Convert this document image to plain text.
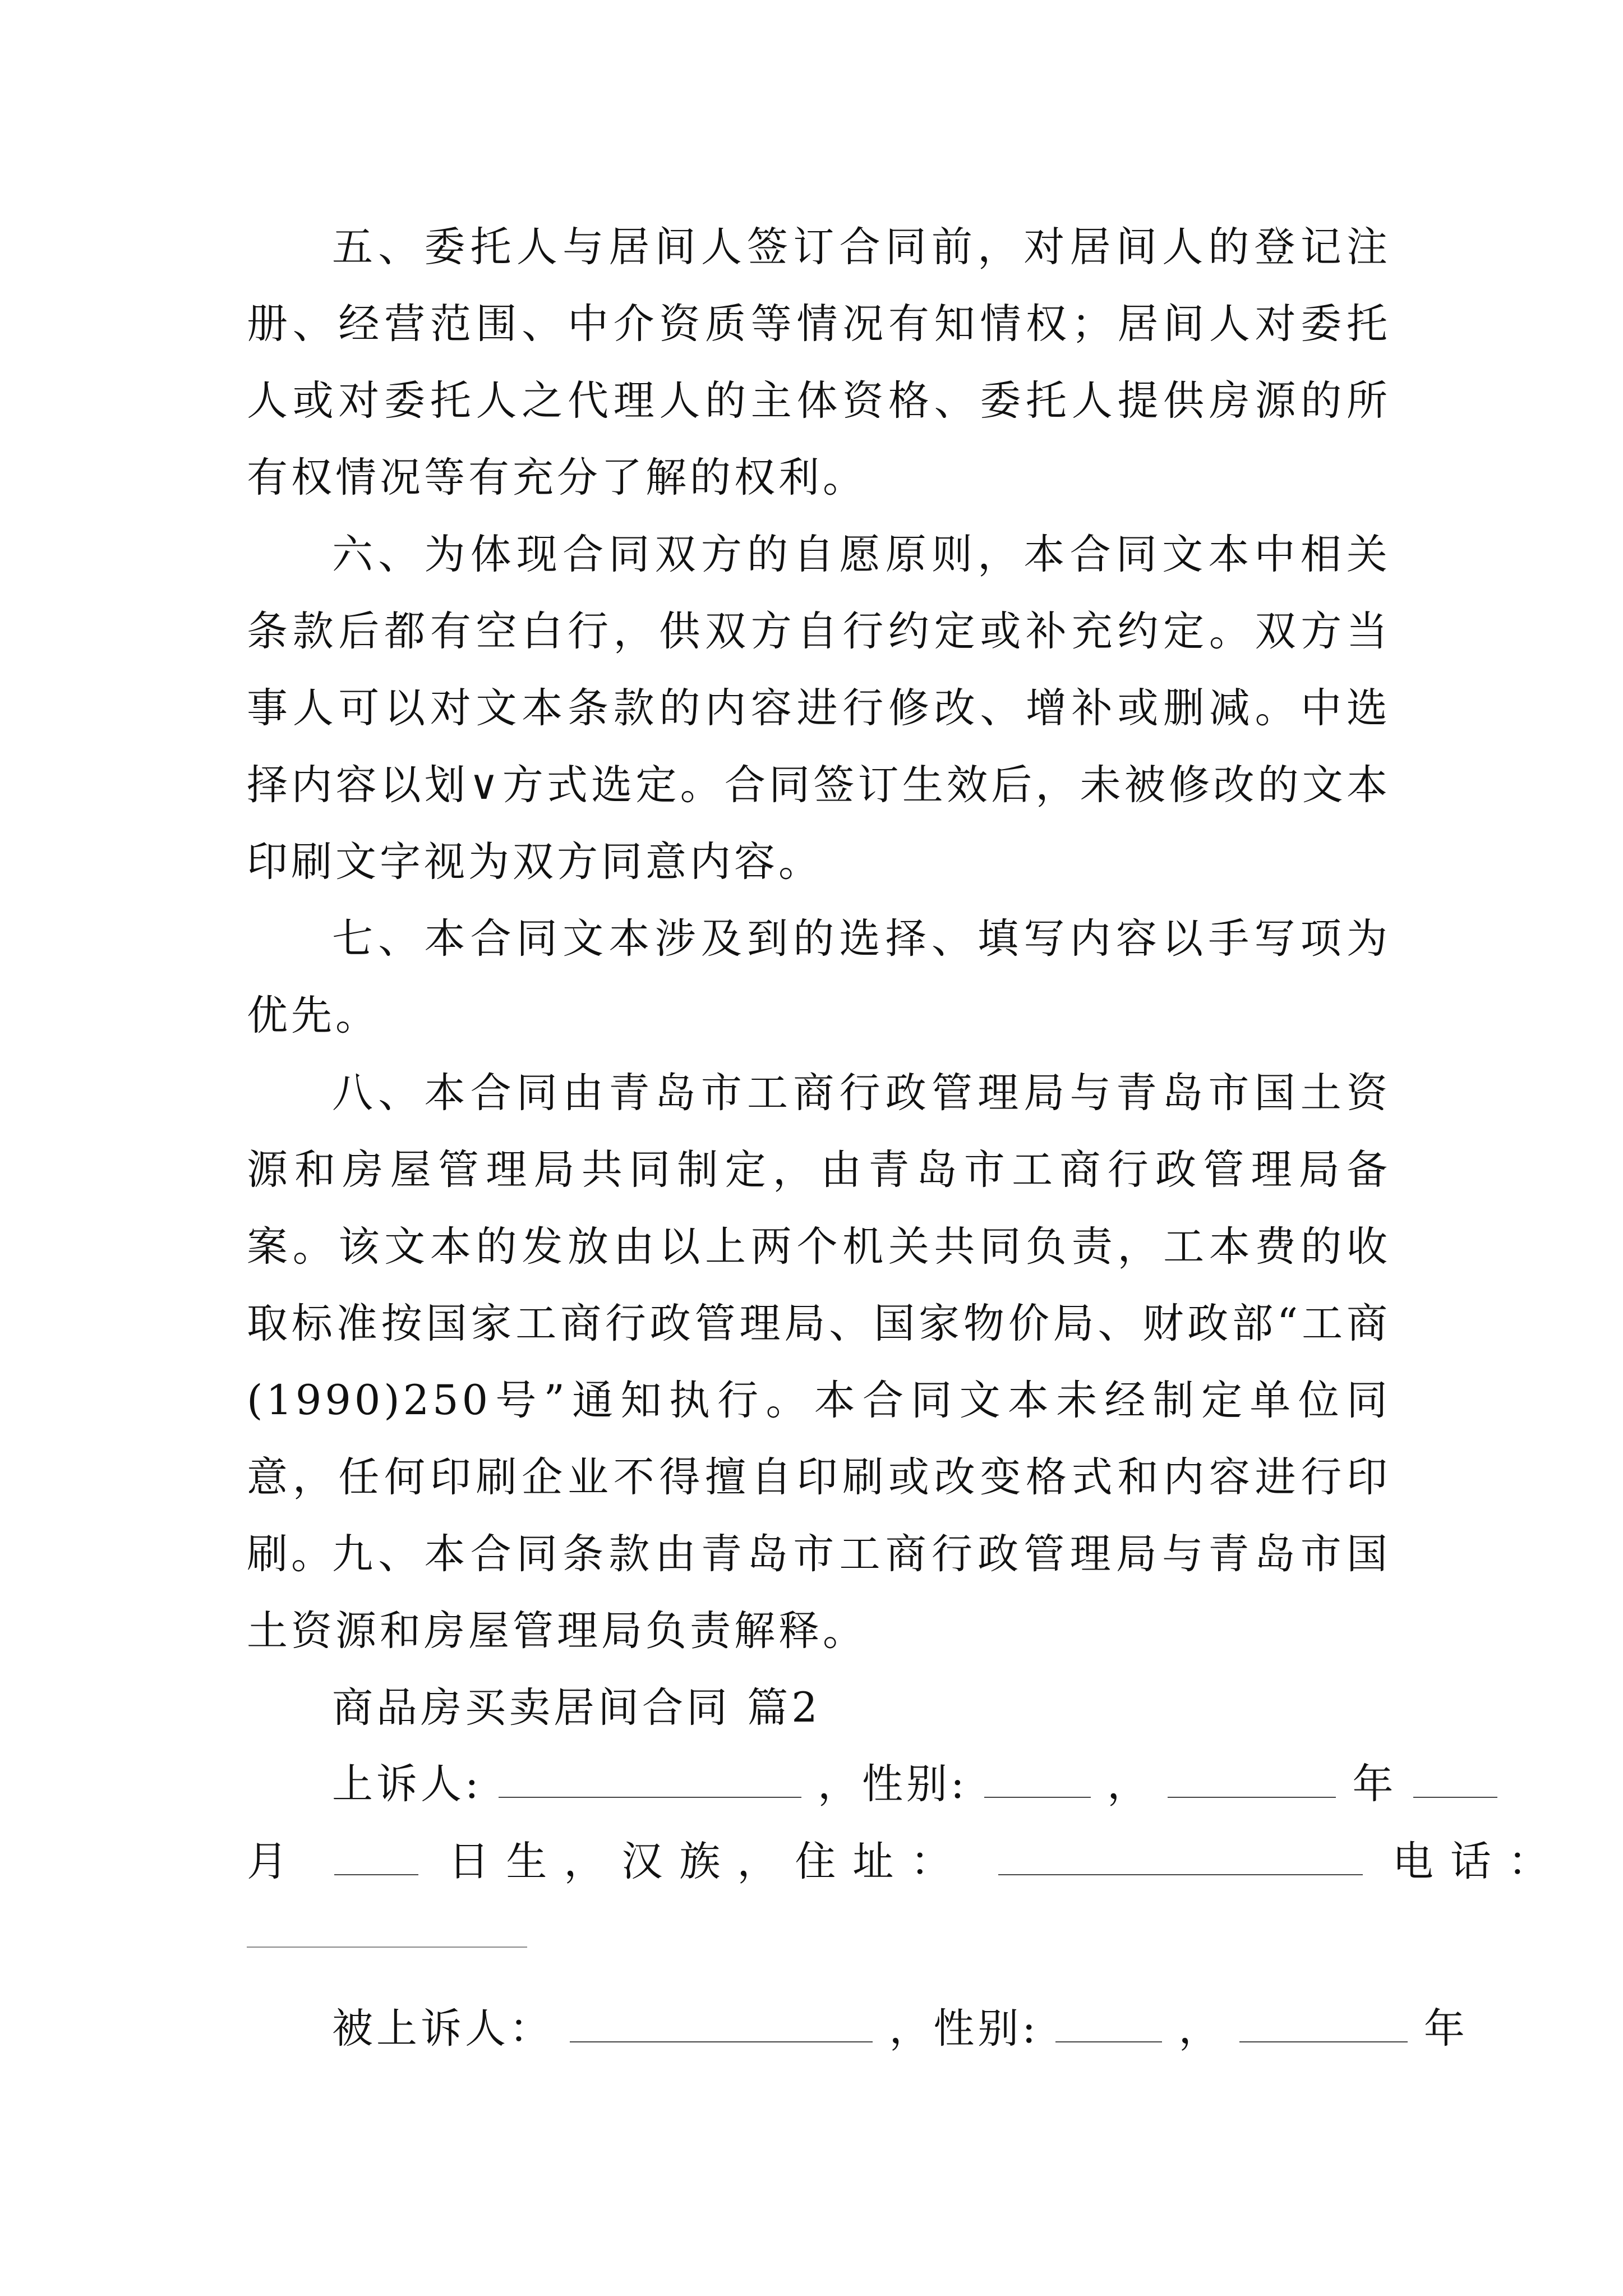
五、委托人与居间人签订合同前，对居间人的登记注册、经营范围、中介资质等情况有知情权；居间人对委托人或对委托人之代理人的主体资格、委托人提供房源的所有权情况等有充分了解的权利。

六、为体现合同双方的自愿原则，本合同文本中相关条款后都有空白行，供双方自行约定或补充约定。双方当事人可以对文本条款的内容进行修改、增补或删减。中选择内容以划∨方式选定。合同签订生效后，未被修改的文本印刷文字视为双方同意内容。

七、本合同文本涉及到的选择、填写内容以手写项为优先。

八、本合同由青岛市工商行政管理局与青岛市国土资源和房屋管理局共同制定，由青岛市工商行政管理局备案。该文本的发放由以上两个机关共同负责，工本费的收取标准按国家工商行政管理局、国家物价局、财政部“工商(1990)250号”通知执行。本合同文本未经制定单位同意，任何印刷企业不得擅自印刷或改变格式和内容进行印刷。

九、本合同条款由青岛市工商行政管理局与青岛市国土资源和房屋管理局负责解释。

商品房买卖居间合同 篇2
上诉人:	，性别:	，	年
月	日生，汉族，住址：	电话：
被上诉人：	，性别:	，	年
